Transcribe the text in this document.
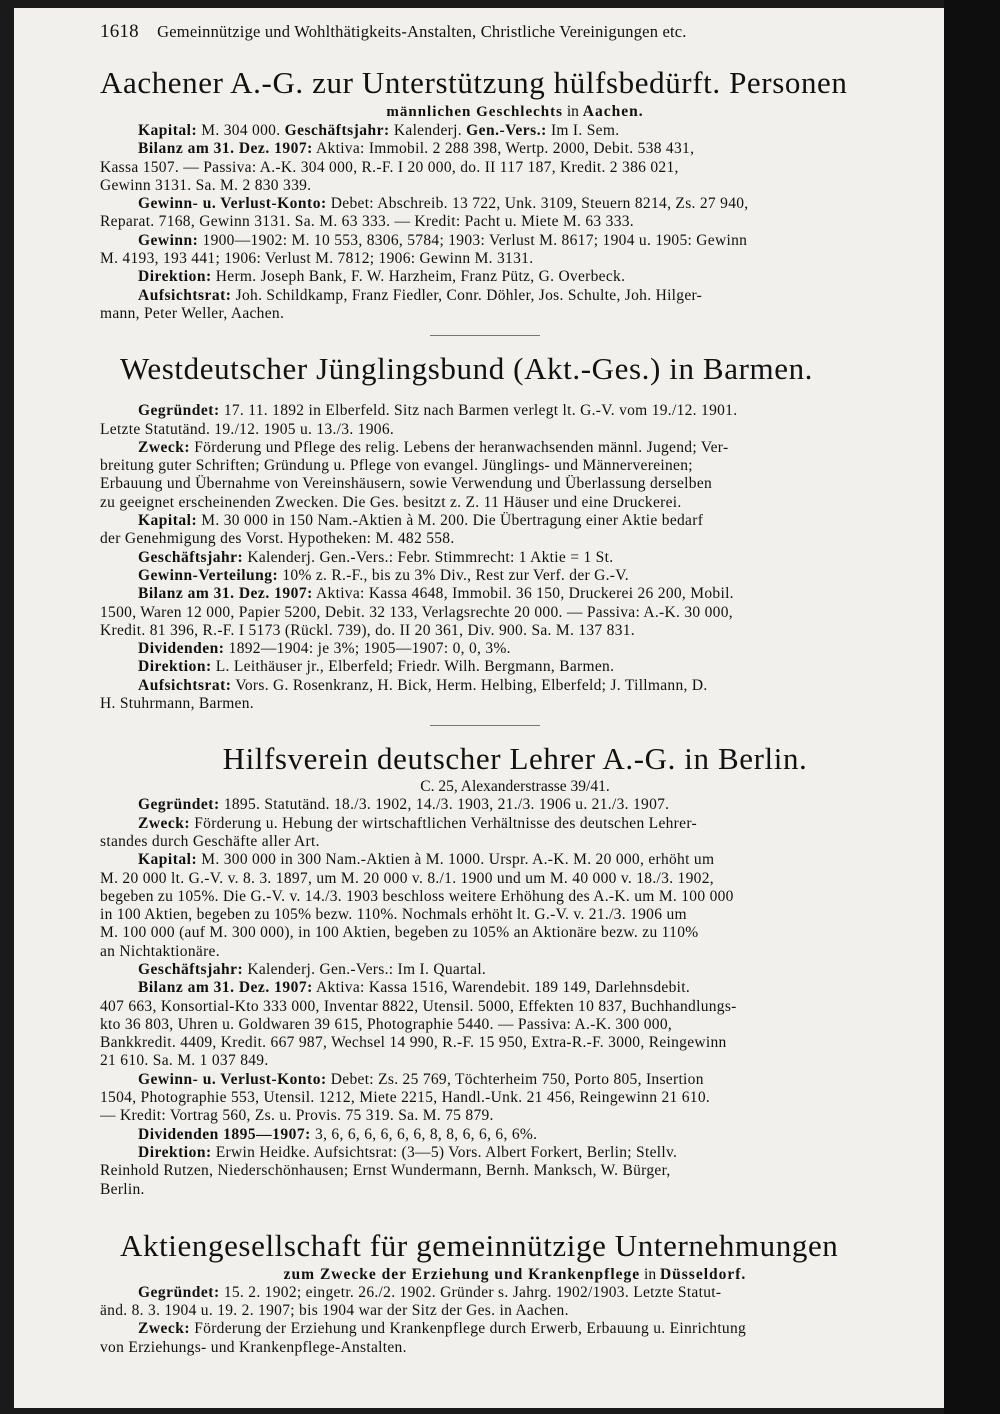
1618 Gemeinnützige und Wohlthätigkeits-Anstalten, Christliche Vereinigungen etc.
Aachener A.-G. zur Unterstützung hülfsbedürft. Personen
männlichen Geschlechts in Aachen.
Kapital: M. 304 000. Geschäftsjahr: Kalenderj. Gen.-Vers.: Im I. Sem.
Bilanz am 31. Dez. 1907: Aktiva: Immobil. 2 288 398, Wertp. 2000, Debit. 538 431,
Kassa 1507. — Passiva: A.-K. 304 000, R.-F. I 20 000, do. II 117 187, Kredit. 2 386 021,
Gewinn 3131. Sa. M. 2 830 339.
Gewinn- u. Verlust-Konto: Debet: Abschreib. 13 722, Unk. 3109, Steuern 8214, Zs. 27 940,
Reparat. 7168, Gewinn 3131. Sa. M. 63 333. — Kredit: Pacht u. Miete M. 63 333.
Gewinn: 1900—1902: M. 10 553, 8306, 5784; 1903: Verlust M. 8617; 1904 u. 1905: Gewinn
M. 4193, 193 441; 1906: Verlust M. 7812; 1906: Gewinn M. 3131.
Direktion: Herm. Joseph Bank, F. W. Harzheim, Franz Pütz, G. Overbeck.
Aufsichtsrat: Joh. Schildkamp, Franz Fiedler, Conr. Döhler, Jos. Schulte, Joh. Hilger-
mann, Peter Weller, Aachen.
Westdeutscher Jünglingsbund (Akt.-Ges.) in Barmen.
Gegründet: 17. 11. 1892 in Elberfeld. Sitz nach Barmen verlegt lt. G.-V. vom 19./12. 1901.
Letzte Statutänd. 19./12. 1905 u. 13./3. 1906.
Zweck: Förderung und Pflege des relig. Lebens der heranwachsenden männl. Jugend; Ver-
breitung guter Schriften; Gründung u. Pflege von evangel. Jünglings- und Männervereinen;
Erbauung und Übernahme von Vereinshäusern, sowie Verwendung und Überlassung derselben
zu geeignet erscheinenden Zwecken. Die Ges. besitzt z. Z. 11 Häuser und eine Druckerei.
Kapital: M. 30 000 in 150 Nam.-Aktien à M. 200. Die Übertragung einer Aktie bedarf
der Genehmigung des Vorst. Hypotheken: M. 482 558.
Geschäftsjahr: Kalenderj. Gen.-Vers.: Febr. Stimmrecht: 1 Aktie = 1 St.
Gewinn-Verteilung: 10% z. R.-F., bis zu 3% Div., Rest zur Verf. der G.-V.
Bilanz am 31. Dez. 1907: Aktiva: Kassa 4648, Immobil. 36 150, Druckerei 26 200, Mobil.
1500, Waren 12 000, Papier 5200, Debit. 32 133, Verlagsrechte 20 000. — Passiva: A.-K. 30 000,
Kredit. 81 396, R.-F. I 5173 (Rückl. 739), do. II 20 361, Div. 900. Sa. M. 137 831.
Dividenden: 1892—1904: je 3%; 1905—1907: 0, 0, 3%.
Direktion: L. Leithäuser jr., Elberfeld; Friedr. Wilh. Bergmann, Barmen.
Aufsichtsrat: Vors. G. Rosenkranz, H. Bick, Herm. Helbing, Elberfeld; J. Tillmann, D.
H. Stuhrmann, Barmen.
Hilfsverein deutscher Lehrer A.-G. in Berlin.
C. 25, Alexanderstrasse 39/41.
Gegründet: 1895. Statutänd. 18./3. 1902, 14./3. 1903, 21./3. 1906 u. 21./3. 1907.
Zweck: Förderung u. Hebung der wirtschaftlichen Verhältnisse des deutschen Lehrer-
standes durch Geschäfte aller Art.
Kapital: M. 300 000 in 300 Nam.-Aktien à M. 1000. Urspr. A.-K. M. 20 000, erhöht um
M. 20 000 lt. G.-V. v. 8. 3. 1897, um M. 20 000 v. 8./1. 1900 und um M. 40 000 v. 18./3. 1902,
begeben zu 105%. Die G.-V. v. 14./3. 1903 beschloss weitere Erhöhung des A.-K. um M. 100 000
in 100 Aktien, begeben zu 105% bezw. 110%. Nochmals erhöht lt. G.-V. v. 21./3. 1906 um
M. 100 000 (auf M. 300 000), in 100 Aktien, begeben zu 105% an Aktionäre bezw. zu 110%
an Nichtaktionäre.
Geschäftsjahr: Kalenderj. Gen.-Vers.: Im I. Quartal.
Bilanz am 31. Dez. 1907: Aktiva: Kassa 1516, Warendebit. 189 149, Darlehnsdebit.
407 663, Konsortial-Kto 333 000, Inventar 8822, Utensil. 5000, Effekten 10 837, Buchhandlungs-
kto 36 803, Uhren u. Goldwaren 39 615, Photographie 5440. — Passiva: A.-K. 300 000,
Bankkredit. 4409, Kredit. 667 987, Wechsel 14 990, R.-F. 15 950, Extra-R.-F. 3000, Reingewinn
21 610. Sa. M. 1 037 849.
Gewinn- u. Verlust-Konto: Debet: Zs. 25 769, Töchterheim 750, Porto 805, Insertion
1504, Photographie 553, Utensil. 1212, Miete 2215, Handl.-Unk. 21 456, Reingewinn 21 610.
— Kredit: Vortrag 560, Zs. u. Provis. 75 319. Sa. M. 75 879.
Dividenden 1895—1907: 3, 6, 6, 6, 6, 6, 6, 8, 8, 6, 6, 6, 6%.
Direktion: Erwin Heidke. Aufsichtsrat: (3—5) Vors. Albert Forkert, Berlin; Stellv.
Reinhold Rutzen, Niederschönhausen; Ernst Wundermann, Bernh. Manksch, W. Bürger,
Berlin.
Aktiengesellschaft für gemeinnützige Unternehmungen
zum Zwecke der Erziehung und Krankenpflege in Düsseldorf.
Gegründet: 15. 2. 1902; eingetr. 26./2. 1902. Gründer s. Jahrg. 1902/1903. Letzte Statut-
änd. 8. 3. 1904 u. 19. 2. 1907; bis 1904 war der Sitz der Ges. in Aachen.
Zweck: Förderung der Erziehung und Krankenpflege durch Erwerb, Erbauung u. Einrichtung
von Erziehungs- und Krankenpflege-Anstalten.
